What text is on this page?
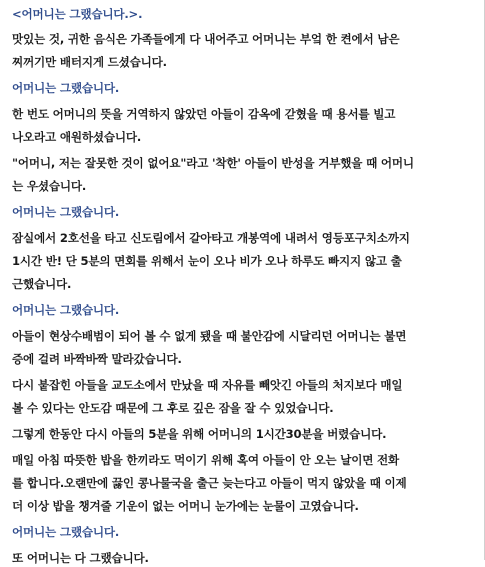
<어머니는 그랬습니다.>.

맛있는 것, 귀한 음식은 가족들에게 다 내어주고 어머니는 부엌 한 켠에서 남은

찌꺼기만 배터지게 드셨습니다.

어머니는 그랬습니다.

한 번도 어머니의 뜻을 거역하지 않았던 아들이 감옥에 갇혔을 때 용서를 빌고

나오라고 애원하셨습니다.

"어머니, 저는 잘못한 것이 없어요"라고 '착한' 아들이 반성을 거부했을 때 어머니

는 우셨습니다.

어머니는 그랬습니다.

잠실에서 2호선을 타고 신도림에서 갈아타고 개봉역에 내려서 영등포구치소까지

1시간 반! 단 5분의 면회를 위해서 눈이 오나 비가 오나 하루도 빠지지 않고 출

근했습니다.

어머니는 그랬습니다.

아들이 현상수배범이 되어 볼 수 없게 됐을 때 불안감에 시달리던 어머니는 불면

증에 걸려 바짝바짝 말라갔습니다.

다시 붙잡힌 아들을 교도소에서 만났을 때 자유를 빼앗긴 아들의 처지보다 매일

볼 수 있다는 안도감 때문에 그 후로 깊은 잠을 잘 수 있었습니다.

그렇게 한동안 다시 아들의 5분을 위해 어머니의 1시간30분을 버렸습니다.

매일 아침 따뜻한 밥을 한끼라도 먹이기 위해 혹여 아들이 안 오는 날이면 전화

를 합니다.오랜만에 끓인 콩나물국을 출근 늦는다고 아들이 먹지 않았을 때 이제

더 이상 밥을 챙겨줄 기운이 없는 어머니 눈가에는 눈물이 고였습니다.

어머니는 그랬습니다.

또 어머니는 다 그랬습니다.
